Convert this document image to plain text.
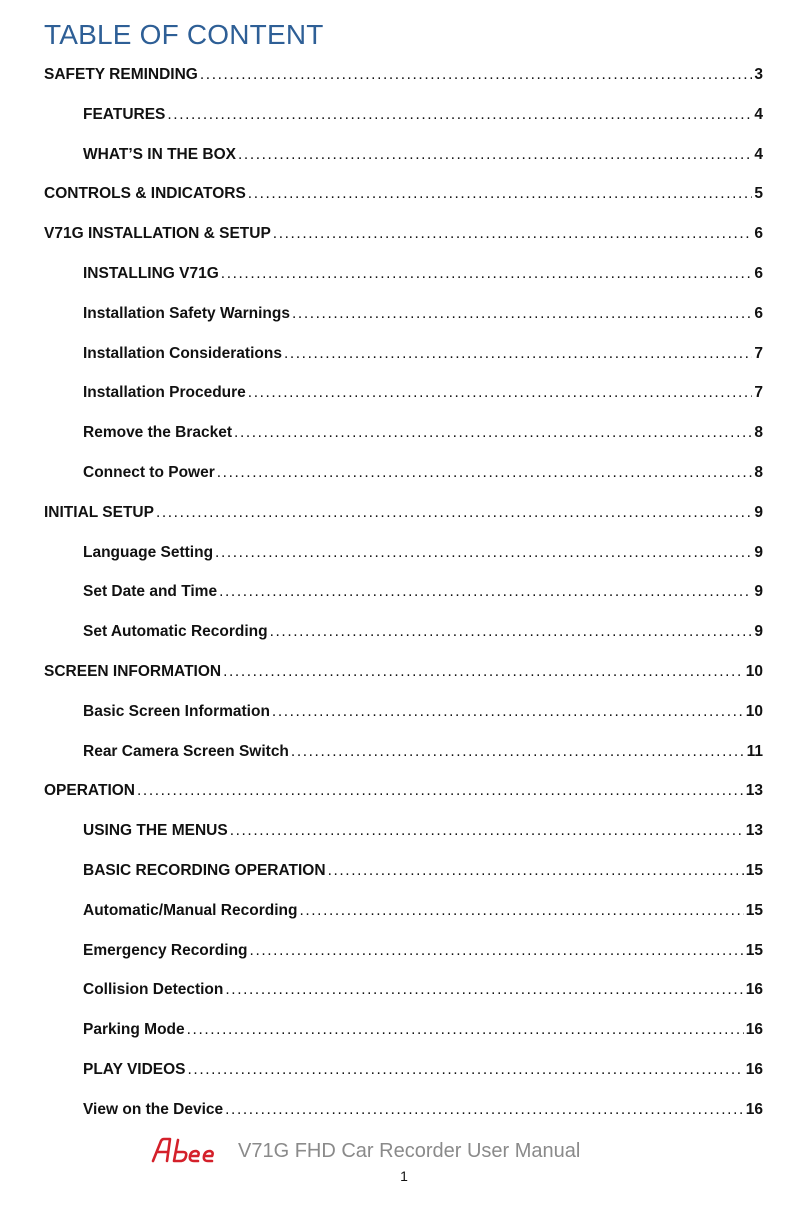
TABLE OF CONTENT
SAFETY REMINDING .....	3
FEATURES .....	4
WHAT’S IN THE BOX .....	4
CONTROLS & INDICATORS .....	5
V71G INSTALLATION & SETUP .....	6
INSTALLING V71G .....	6
Installation Safety Warnings .....	6
Installation Considerations .....	7
Installation Procedure .....	7
Remove the Bracket .....	8
Connect to Power .....	8
INITIAL SETUP .....	9
Language Setting .....	9
Set Date and Time .....	9
Set Automatic Recording .....	9
SCREEN INFORMATION .....	10
Basic Screen Information .....	10
Rear Camera Screen Switch .....	11
OPERATION .....	13
USING THE MENUS .....	13
BASIC RECORDING OPERATION .....	15
Automatic/Manual Recording .....	15
Emergency Recording .....	15
Collision Detection .....	16
Parking Mode .....	16
PLAY VIDEOS .....	16
View on the Device .....	16
V71G FHD Car Recorder User Manual
1
